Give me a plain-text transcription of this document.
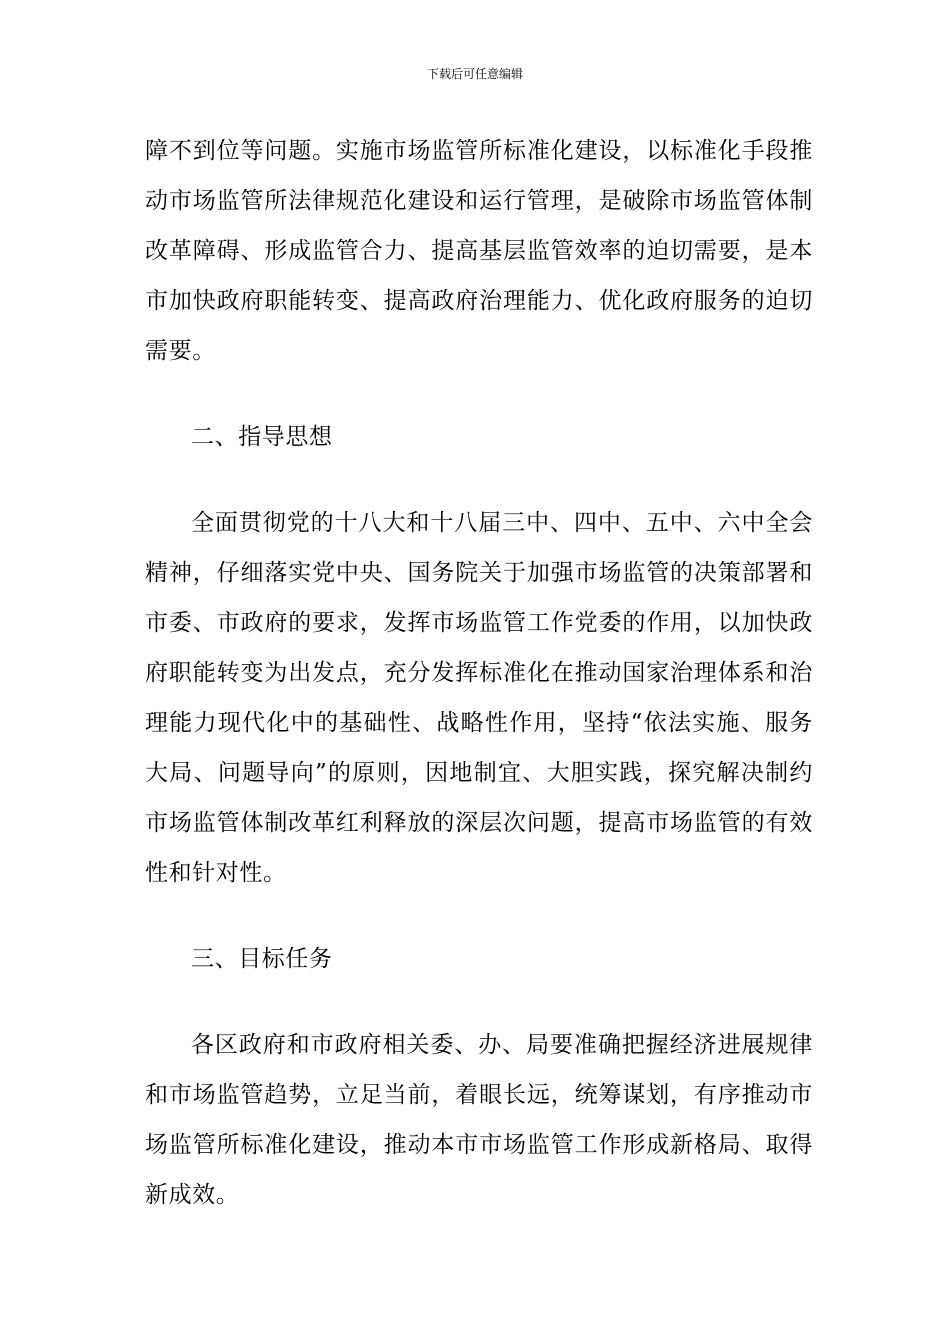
下载后可任意编辑

障不到位等问题。实施市场监管所标准化建设，以标准化手段推动市场监管所法律规范化建设和运行管理，是破除市场监管体制改革障碍、形成监管合力、提高基层监管效率的迫切需要，是本市加快政府职能转变、提高政府治理能力、优化政府服务的迫切需要。

二、指导思想

全面贯彻党的十八大和十八届三中、四中、五中、六中全会精神，仔细落实党中央、国务院关于加强市场监管的决策部署和市委、市政府的要求，发挥市场监管工作党委的作用，以加快政府职能转变为出发点，充分发挥标准化在推动国家治理体系和治理能力现代化中的基础性、战略性作用，坚持“依法实施、服务大局、问题导向”的原则，因地制宜、大胆实践，探究解决制约市场监管体制改革红利释放的深层次问题，提高市场监管的有效性和针对性。

三、目标任务

各区政府和市政府相关委、办、局要准确把握经济进展规律和市场监管趋势，立足当前，着眼长远，统筹谋划，有序推动市场监管所标准化建设，推动本市市场监管工作形成新格局、取得新成效。
